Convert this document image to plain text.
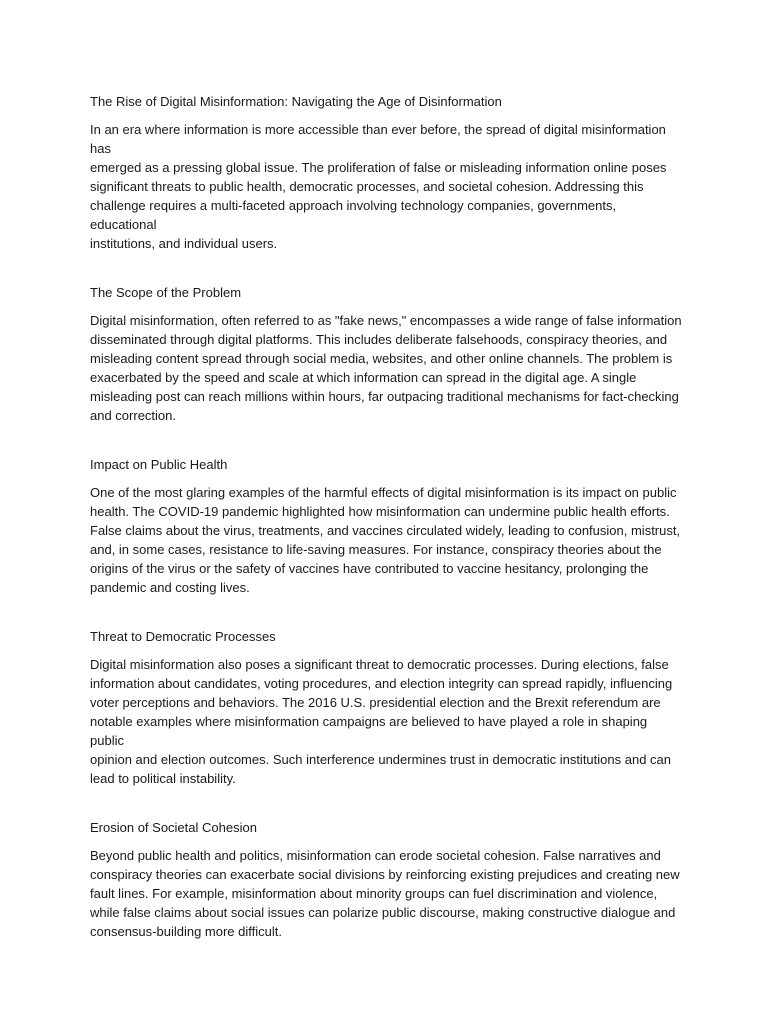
The Rise of Digital Misinformation: Navigating the Age of Disinformation

In an era where information is more accessible than ever before, the spread of digital misinformation has
emerged as a pressing global issue. The proliferation of false or misleading information online poses
significant threats to public health, democratic processes, and societal cohesion. Addressing this
challenge requires a multi-faceted approach involving technology companies, governments, educational
institutions, and individual users.

The Scope of the Problem

Digital misinformation, often referred to as "fake news," encompasses a wide range of false information
disseminated through digital platforms. This includes deliberate falsehoods, conspiracy theories, and
misleading content spread through social media, websites, and other online channels. The problem is
exacerbated by the speed and scale at which information can spread in the digital age. A single
misleading post can reach millions within hours, far outpacing traditional mechanisms for fact-checking
and correction.

Impact on Public Health

One of the most glaring examples of the harmful effects of digital misinformation is its impact on public
health. The COVID-19 pandemic highlighted how misinformation can undermine public health efforts.
False claims about the virus, treatments, and vaccines circulated widely, leading to confusion, mistrust,
and, in some cases, resistance to life-saving measures. For instance, conspiracy theories about the
origins of the virus or the safety of vaccines have contributed to vaccine hesitancy, prolonging the
pandemic and costing lives.

Threat to Democratic Processes

Digital misinformation also poses a significant threat to democratic processes. During elections, false
information about candidates, voting procedures, and election integrity can spread rapidly, influencing
voter perceptions and behaviors. The 2016 U.S. presidential election and the Brexit referendum are
notable examples where misinformation campaigns are believed to have played a role in shaping public
opinion and election outcomes. Such interference undermines trust in democratic institutions and can
lead to political instability.

Erosion of Societal Cohesion

Beyond public health and politics, misinformation can erode societal cohesion. False narratives and
conspiracy theories can exacerbate social divisions by reinforcing existing prejudices and creating new
fault lines. For example, misinformation about minority groups can fuel discrimination and violence,
while false claims about social issues can polarize public discourse, making constructive dialogue and
consensus-building more difficult.
